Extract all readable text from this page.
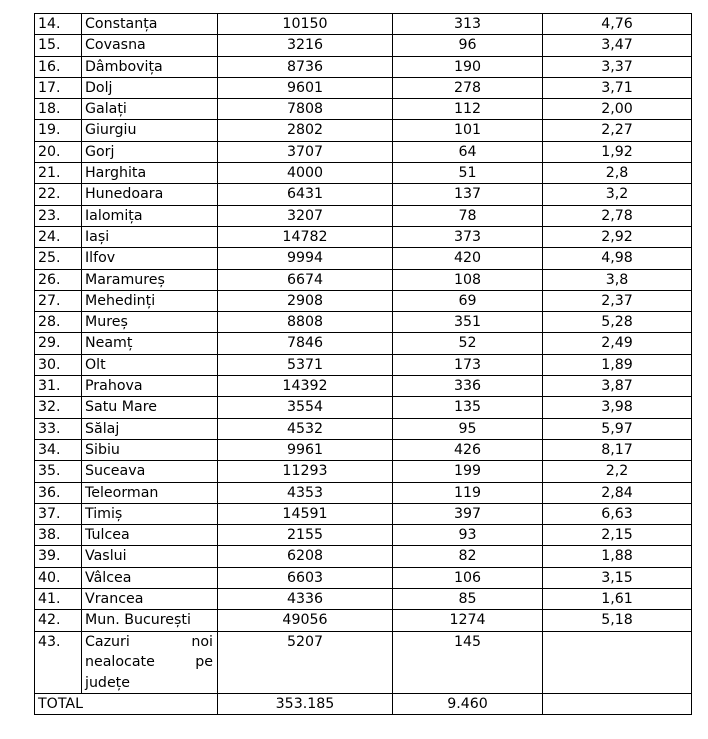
14.	Constanța	10150	313	4,76
15.	Covasna	3216	96	3,47
16.	Dâmbovița	8736	190	3,37
17.	Dolj	9601	278	3,71
18.	Galați	7808	112	2,00
19.	Giurgiu	2802	101	2,27
20.	Gorj	3707	64	1,92
21.	Harghita	4000	51	2,8
22.	Hunedoara	6431	137	3,2
23.	Ialomița	3207	78	2,78
24.	Iași	14782	373	2,92
25.	Ilfov	9994	420	4,98
26.	Maramureș	6674	108	3,8
27.	Mehedinți	2908	69	2,37
28.	Mureș	8808	351	5,28
29.	Neamț	7846	52	2,49
30.	Olt	5371	173	1,89
31.	Prahova	14392	336	3,87
32.	Satu Mare	3554	135	3,98
33.	Sălaj	4532	95	5,97
34.	Sibiu	9961	426	8,17
35.	Suceava	11293	199	2,2
36.	Teleorman	4353	119	2,84
37.	Timiș	14591	397	6,63
38.	Tulcea	2155	93	2,15
39.	Vaslui	6208	82	1,88
40.	Vâlcea	6603	106	3,15
41.	Vrancea	4336	85	1,61
42.	Mun. București	49056	1274	5,18
43.	Cazuri noi nealocate pe județe	5207	145	
TOTAL		353.185	9.460	
